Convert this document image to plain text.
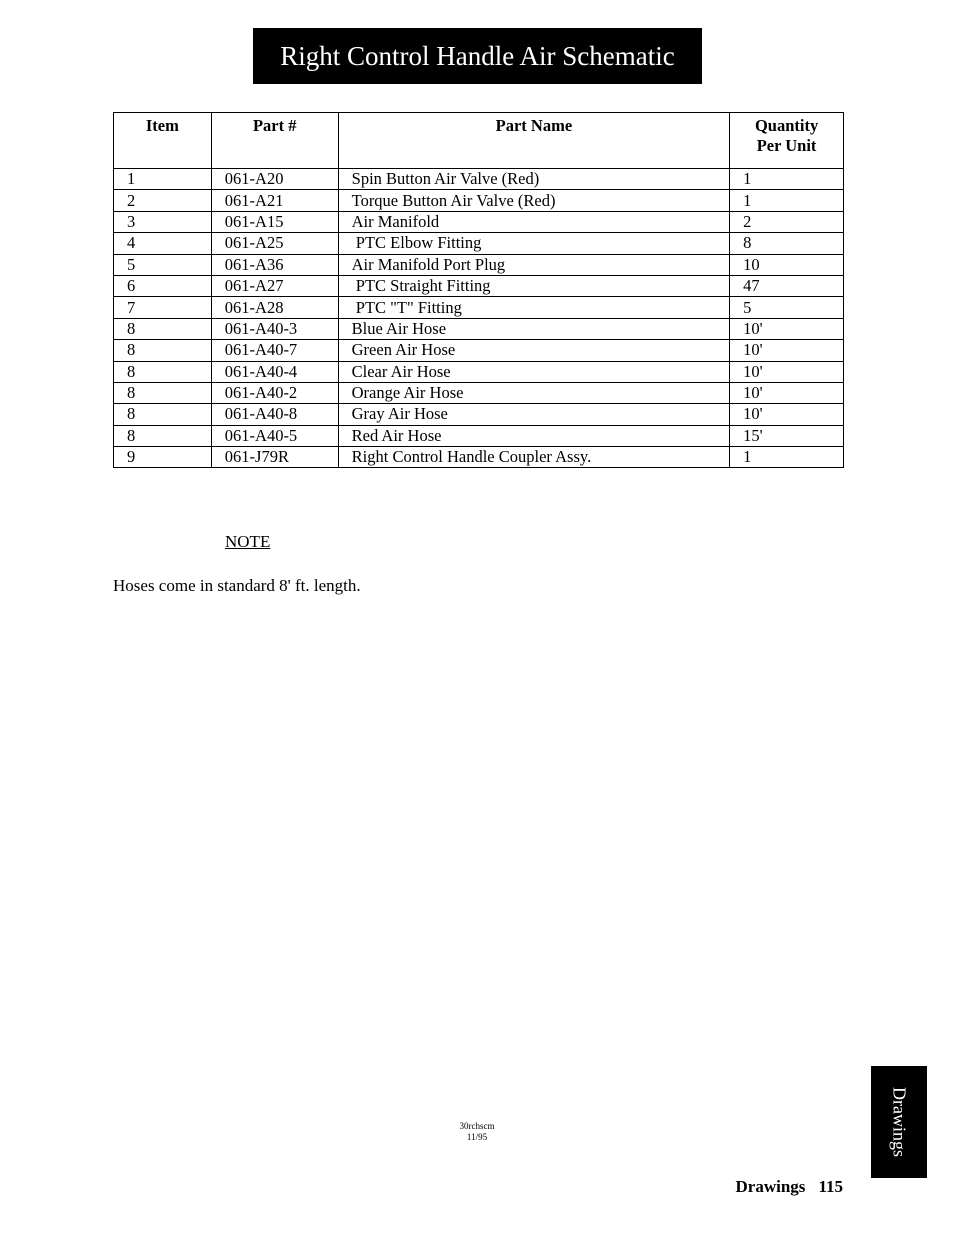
Right Control Handle Air Schematic
Item	Part #	Part Name	Quantity
Per Unit

1	061-A20	Spin Button Air Valve (Red)	1
2	061-A21	Torque Button Air Valve (Red)	1
3	061-A15	Air Manifold	2
4	061-A25	PTC Elbow Fitting	8
5	061-A36	Air Manifold Port Plug	10
6	061-A27	PTC Straight Fitting	47
7	061-A28	PTC "T" Fitting	5
8	061-A40-3	Blue Air Hose	10'
8	061-A40-7	Green Air Hose	10'
8	061-A40-4	Clear Air Hose	10'
8	061-A40-2	Orange Air Hose	10'
8	061-A40-8	Gray Air Hose	10'
8	061-A40-5	Red Air Hose	15'
9	061-J79R	Right Control Handle Coupler Assy.	1
NOTE
Hoses come in standard 8' ft. length.
30rchscm
11/95	Drawings
Drawings 115
